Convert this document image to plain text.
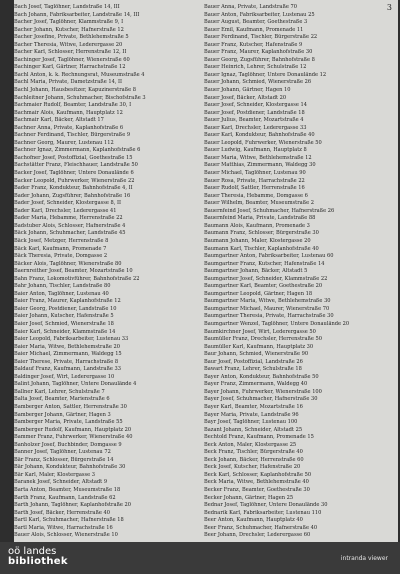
3
Bach Josef, Taglöhner, Landstraße 14, III
Bach Johann, Fabriksarbeiter, Landstraße 14, III
Bacher Josef, Taglöhner, Klammstraße 9, I
Bacher Johann, Kutscher, Hafnerstraße 12
Bacher Josefine, Private, Bethlehemstraße 5
Bacher Theresia, Witwe, Lederergasse 20
Bacher Karl, Schlosser, Herrenstraße 12, II
Bachinger Josef, Taglöhner, Wienerstraße 60
Bachinger Karl, Gärtner, Harrachstraße 12
Bachl Anton, k. k. Rechnungsrat, Museumstraße 4
Bachl Maria, Private, Dametzstraße 14, II
Bachl Johann, Hausbesitzer, Kapuzinerstraße 8
Bachleitner Johann, Schuhmacher, Bischofstraße 3
Bachmaier Rudolf, Beamter, Landstraße 30, I
Bachmair Alois, Kaufmann, Hauptplatz 12
Bachmair Karl, Bäcker, Altstadt 17
Bachner Anna, Private, Kaplanhofstraße 6
Bachner Ferdinand, Tischler, Bürgerstraße 9
Bachner Georg, Maurer, Lustenau 112
Bachner Ignaz, Zimmermann, Kaplanhofstraße 6
Bachofner Josef, Postoffizial, Goethestraße 15
Bachstätter Franz, Fleischhauer, Landstraße 50
Backer Josef, Taglöhner, Untere Donaulände 6
Backer Leopold, Fuhrwerker, Wienerstraße 22
Bader Franz, Kondukteur, Bahnhofstraße 4, II
Bader Johann, Zugsführer, Bahnhofstraße 16
Bader Josef, Schneider, Klostergasse 8, II
Bader Karl, Drechsler, Lederergasse 41
Bader Maria, Hebamme, Herrenstraße 22
Badstuber Alois, Schlosser, Hafnerstraße 4
Bäck Johann, Schuhmacher, Landstraße 45
Bäck Josef, Metzger, Herrenstraße 8
Bäck Karl, Kaufmann, Promenade 7
Bäck Theresia, Private, Domgasse 2
Bäcker Alois, Taglöhner, Wienerstraße 80
Baernreither Josef, Beamter, Mozartstraße 10
Bahn Franz, Lokomotivführer, Bahnhofstraße 22
Bahr Johann, Tischler, Landstraße 80
Baier Anton, Taglöhner, Lustenau 40
Baier Franz, Maurer, Kaplanhofstraße 12
Baier Georg, Postdiener, Landstraße 10
Baier Johann, Kutscher, Hafenstraße 5
Baier Josef, Schmied, Wienerstraße 18
Baier Karl, Schneider, Klammstraße 14
Baier Leopold, Fabriksarbeiter, Lustenau 33
Baier Maria, Witwe, Bethlehemstraße 20
Baier Michael, Zimmermann, Waldegg 15
Baier Therese, Private, Harrachstraße 8
Baldauf Franz, Kaufmann, Landstraße 33
Baldinger Josef, Wirt, Lederergasse 10
Balint Johann, Taglöhner, Untere Donaulände 4
Ballner Karl, Lehrer, Schulstraße 7
Balta Josef, Beamter, Marienstraße 6
Bamberger Anton, Sattler, Herrenstraße 30
Bamberger Johann, Gärtner, Hagen 3
Bamberger Maria, Private, Landstraße 55
Bamberger Rudolf, Kaufmann, Hauptplatz 20
Bammer Franz, Fuhrwerker, Wienerstraße 40
Banholzer Josef, Buchbinder, Domgasse 9
Banner Josef, Taglöhner, Lustenau 72
Bär Franz, Schlosser, Bürgerstraße 14
Bär Johann, Kondukteur, Bahnhofstraße 30
Bär Karl, Maler, Klostergasse 3
Baranek Josef, Schneider, Altstadt 9
Barta Anton, Beamter, Museumstraße 18
Barth Franz, Kaufmann, Landstraße 62
Barth Johann, Taglöhner, Kaplanhofstraße 20
Barth Josef, Bäcker, Herrenstraße 40
Bartl Karl, Schuhmacher, Hafnerstraße 18
Bartl Maria, Witwe, Harrachstraße 16
Bauer Alois, Schlosser, Wienerstraße 10
Bauer Anna, Private, Landstraße 70
Bauer Anton, Fabriksarbeiter, Lustenau 25
Bauer August, Beamter, Goethestraße 3
Bauer Emil, Kaufmann, Promenade 11
Bauer Ferdinand, Tischler, Bürgerstraße 22
Bauer Franz, Kutscher, Hafenstraße 9
Bauer Franz, Maurer, Kaplanhofstraße 30
Bauer Georg, Zugsführer, Bahnhofstraße 8
Bauer Heinrich, Lehrer, Schulstraße 12
Bauer Ignaz, Taglöhner, Untere Donaulände 12
Bauer Johann, Schmied, Wienerstraße 26
Bauer Johann, Gärtner, Hagen 10
Bauer Josef, Bäcker, Altstadt 20
Bauer Josef, Schneider, Klostergasse 14
Bauer Josef, Postdiener, Landstraße 18
Bauer Julius, Beamter, Mozartstraße 4
Bauer Karl, Drechsler, Lederergasse 33
Bauer Karl, Kondukteur, Bahnhofstraße 40
Bauer Leopold, Fuhrwerker, Wienerstraße 50
Bauer Ludwig, Kaufmann, Hauptplatz 8
Bauer Maria, Witwe, Bethlehemstraße 12
Bauer Matthias, Zimmermann, Waldegg 30
Bauer Michael, Taglöhner, Lustenau 90
Bauer Rosa, Private, Harrachstraße 22
Bauer Rudolf, Sattler, Herrenstraße 16
Bauer Theresia, Hebamme, Domgasse 6
Bauer Wilhelm, Beamter, Museumstraße 2
Bauernfeind Josef, Schuhmacher, Hafnerstraße 26
Bauernfeind Maria, Private, Landstraße 88
Baumann Alois, Kaufmann, Promenade 3
Baumann Franz, Schlosser, Bürgerstraße 30
Baumann Johann, Maler, Klostergasse 20
Baumann Karl, Tischler, Kaplanhofstraße 40
Baumgartner Anton, Fabriksarbeiter, Lustenau 60
Baumgartner Franz, Kutscher, Hafenstraße 14
Baumgartner Johann, Bäcker, Altstadt 5
Baumgartner Josef, Schneider, Klammstraße 22
Baumgartner Karl, Beamter, Goethestraße 20
Baumgartner Leopold, Gärtner, Hagen 18
Baumgartner Maria, Witwe, Bethlehemstraße 30
Baumgartner Michael, Maurer, Wienerstraße 70
Baumgartner Theresia, Private, Harrachstraße 30
Baumgartner Wenzel, Taglöhner, Untere Donaulände 20
Baumkirchner Josef, Wirt, Lederergasse 50
Baumüller Franz, Drechsler, Herrenstraße 50
Baumüller Karl, Kaufmann, Hauptplatz 30
Baur Johann, Schmied, Wienerstraße 90
Baur Josef, Postoffizial, Landstraße 26
Bawart Franz, Lehrer, Schulstraße 18
Bayer Anton, Kondukteur, Bahnhofstraße 50
Bayer Franz, Zimmermann, Waldegg 40
Bayer Johann, Fuhrwerker, Wienerstraße 100
Bayer Josef, Schuhmacher, Hafnerstraße 30
Bayer Karl, Beamter, Mozartstraße 16
Bayer Maria, Private, Landstraße 96
Bayr Josef, Taglöhner, Lustenau 100
Bazant Johann, Schneider, Altstadt 25
Bechtold Franz, Kaufmann, Promenade 15
Beck Anton, Maler, Klostergasse 25
Beck Franz, Tischler, Bürgerstraße 40
Beck Johann, Bäcker, Herrenstraße 60
Beck Josef, Kutscher, Hafenstraße 20
Beck Karl, Schlosser, Kaplanhofstraße 50
Beck Maria, Witwe, Bethlehemstraße 40
Becker Franz, Beamter, Goethestraße 30
Becker Johann, Gärtner, Hagen 25
Bednar Josef, Taglöhner, Untere Donaulände 30
Bednarik Karl, Fabriksarbeiter, Lustenau 110
Beer Anton, Kaufmann, Hauptplatz 40
Beer Franz, Schuhmacher, Hafnerstraße 40
Beer Johann, Drechsler, Lederergasse 60
oö landes
bibliothek	intranda viewer
